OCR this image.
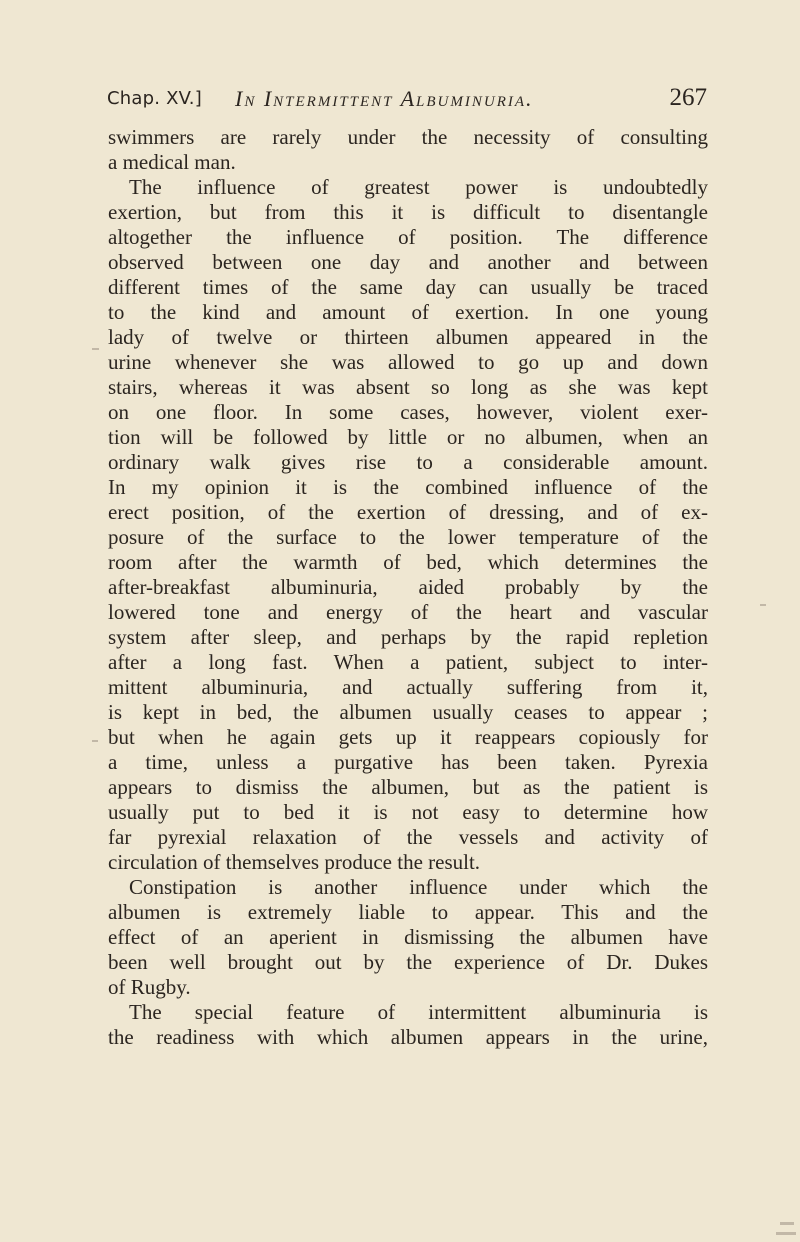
Chap. XV.] In Intermittent Albuminuria.	267
swimmers are rarely under the necessity of consulting
a medical man.
The influence of greatest power is undoubtedly
exertion, but from this it is difficult to disentangle
altogether the influence of position. The difference
observed between one day and another and between
different times of the same day can usually be traced
to the kind and amount of exertion. In one young
lady of twelve or thirteen albumen appeared in the
urine whenever she was allowed to go up and down
stairs, whereas it was absent so long as she was kept
on one floor. In some cases, however, violent exer-
tion will be followed by little or no albumen, when an
ordinary walk gives rise to a considerable amount.
In my opinion it is the combined influence of the
erect position, of the exertion of dressing, and of ex-
posure of the surface to the lower temperature of the
room after the warmth of bed, which determines the
after-breakfast albuminuria, aided probably by the
lowered tone and energy of the heart and vascular
system after sleep, and perhaps by the rapid repletion
after a long fast. When a patient, subject to inter-
mittent albuminuria, and actually suffering from it,
is kept in bed, the albumen usually ceases to appear ;
but when he again gets up it reappears copiously for
a time, unless a purgative has been taken. Pyrexia
appears to dismiss the albumen, but as the patient is
usually put to bed it is not easy to determine how
far pyrexial relaxation of the vessels and activity of
circulation of themselves produce the result.
Constipation is another influence under which the
albumen is extremely liable to appear. This and the
effect of an aperient in dismissing the albumen have
been well brought out by the experience of Dr. Dukes
of Rugby.
The special feature of intermittent albuminuria is
the readiness with which albumen appears in the urine,
